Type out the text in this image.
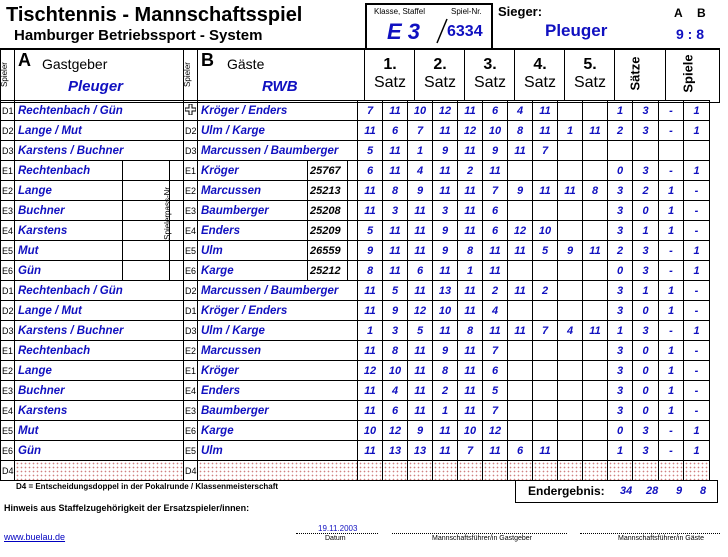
Tischtennis - Mannschaftsspiel
Hamburger Betriebssport - System
Klasse, Staffel	Spiel-Nr.
E 3 6334
Sieger:
Pleuger
A B
9 : 8
Spieler
A Gastgeber
Pleuger	Spieler
B Gäste
RWB
1.
Satz
2.
Satz
3.
Satz
4.
Satz
5.
Satz	Sätze	Spiele
Spielerpass-Nr.
D1	Rechtenbach / Gün				Kröger / Enders			7	11	10	12	11	6	4	11			1	3	-	1
D2	Lange / Mut			D2	Ulm / Karge			11	6	7	11	12	10	8	11	1	11	2	3	-	1
D3	Karstens / Buchner			D3	Marcussen / Baumberger			5	11	1	9	11	9	11	7						
E1	Rechtenbach			E1	Kröger	25767		6	11	4	11	2	11					0	3	-	1
E2	Lange			E2	Marcussen	25213		11	8	9	11	11	7	9	11	11	8	3	2	1	-
E3	Buchner			E3	Baumberger	25208		11	3	11	3	11	6					3	0	1	-
E4	Karstens			E4	Enders	25209		5	11	11	9	11	6	12	10			3	1	1	-
E5	Mut			E5	Ulm	26559		9	11	11	9	8	11	11	5	9	11	2	3	-	1
E6	Gün			E6	Karge	25212		8	11	6	11	1	11					0	3	-	1
D1	Rechtenbach / Gün			D2	Marcussen / Baumberger			11	5	11	13	11	2	11	2			3	1	1	-
D2	Lange / Mut			D1	Kröger / Enders			11	9	12	10	11	4					3	0	1	-
D3	Karstens / Buchner			D3	Ulm / Karge			1	3	5	11	8	11	11	7	4	11	1	3	-	1
E1	Rechtenbach			E2	Marcussen			11	8	11	9	11	7					3	0	1	-
E2	Lange			E1	Kröger			12	10	11	8	11	6					3	0	1	-
E3	Buchner			E4	Enders			11	4	11	2	11	5					3	0	1	-
E4	Karstens			E3	Baumberger			11	6	11	1	11	7					3	0	1	-
E5	Mut			E6	Karge			10	12	9	11	10	12					0	3	-	1
E6	Gün			E5	Ulm			11	13	13	11	7	11	6	11			1	3	-	1
D4				D4																	
D4 = Entscheidungsdoppel in der Pokalrunde / Klassenmeisterschaft	Endergebnis: 34 28 9 8
Hinweis aus Staffelzugehörigkeit der Ersatzspieler/innen:
www.buelau.de
19.11.2003
Datum	Mannschaftsführer/in Gastgeber	Mannschaftsführer/in Gäste
